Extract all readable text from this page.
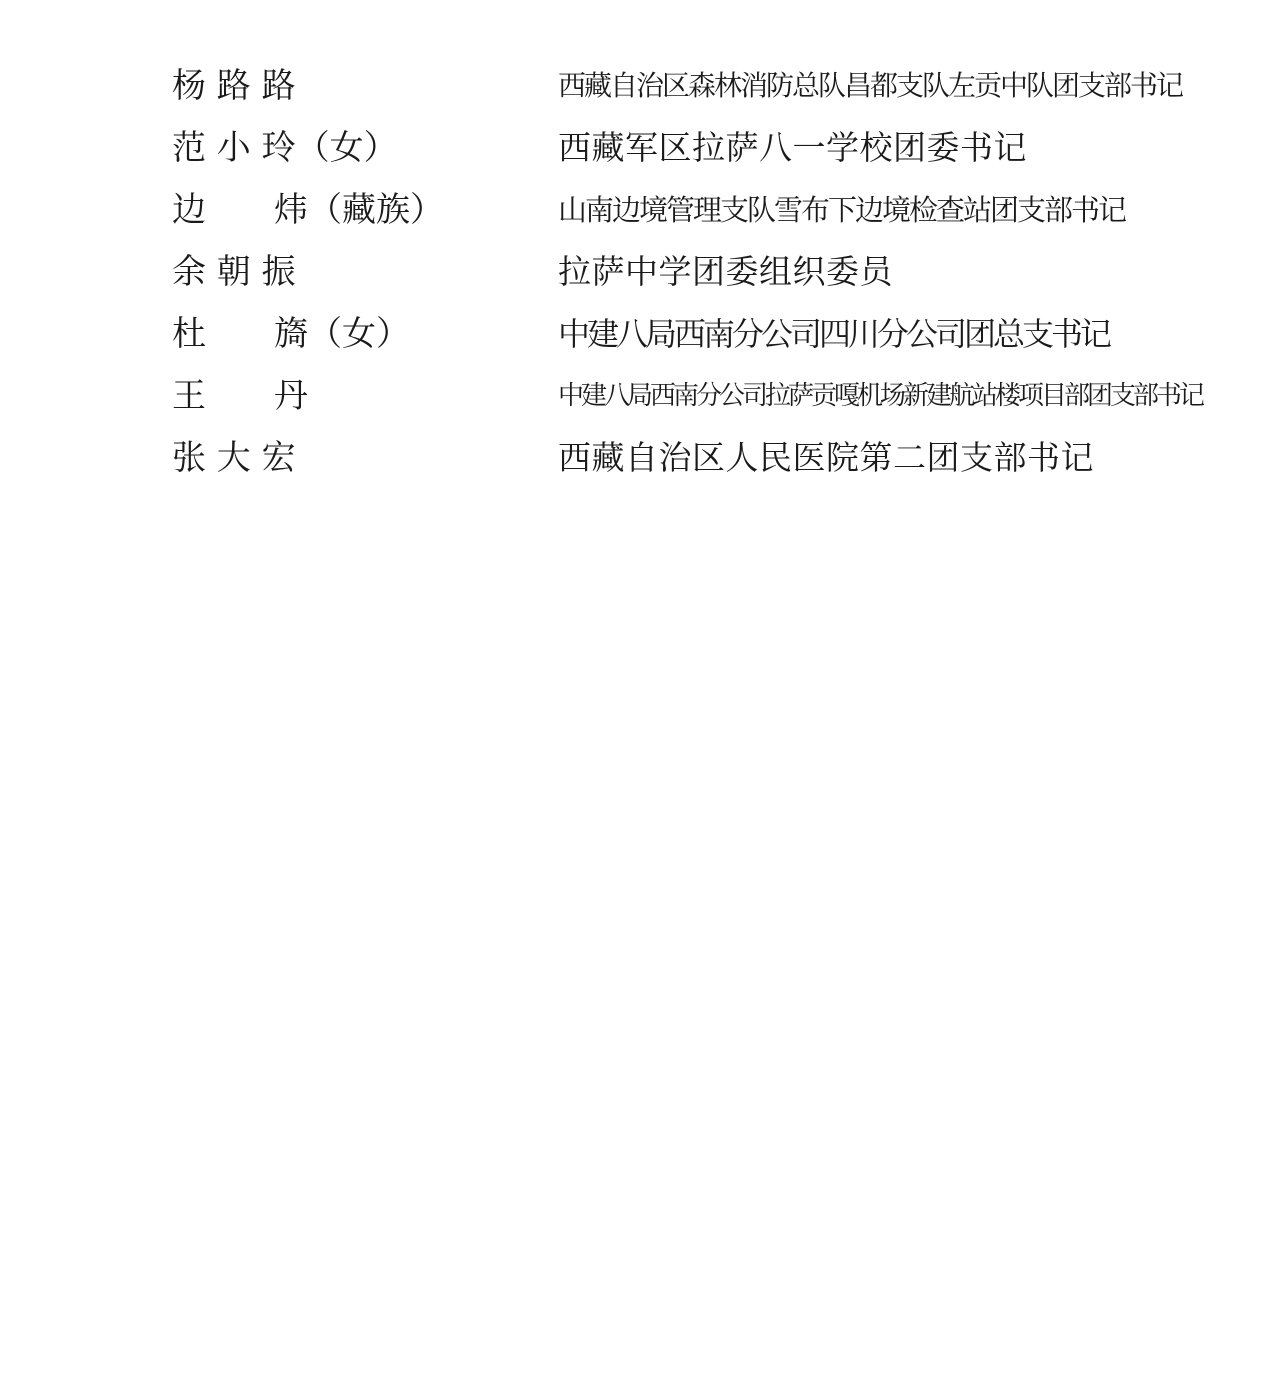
杨 路 路	西藏自治区森林消防总队昌都支队左贡中队团支部书记
范 小 玲（女）	西藏军区拉萨八一学校团委书记
边　　炜（藏族）	山南边境管理支队雪布下边境检查站团支部书记
余 朝 振	拉萨中学团委组织委员
杜　　旖（女）	中建八局西南分公司四川分公司团总支书记
王　　丹	中建八局西南分公司拉萨贡嘎机场新建航站楼项目部团支部书记
张 大 宏	西藏自治区人民医院第二团支部书记
